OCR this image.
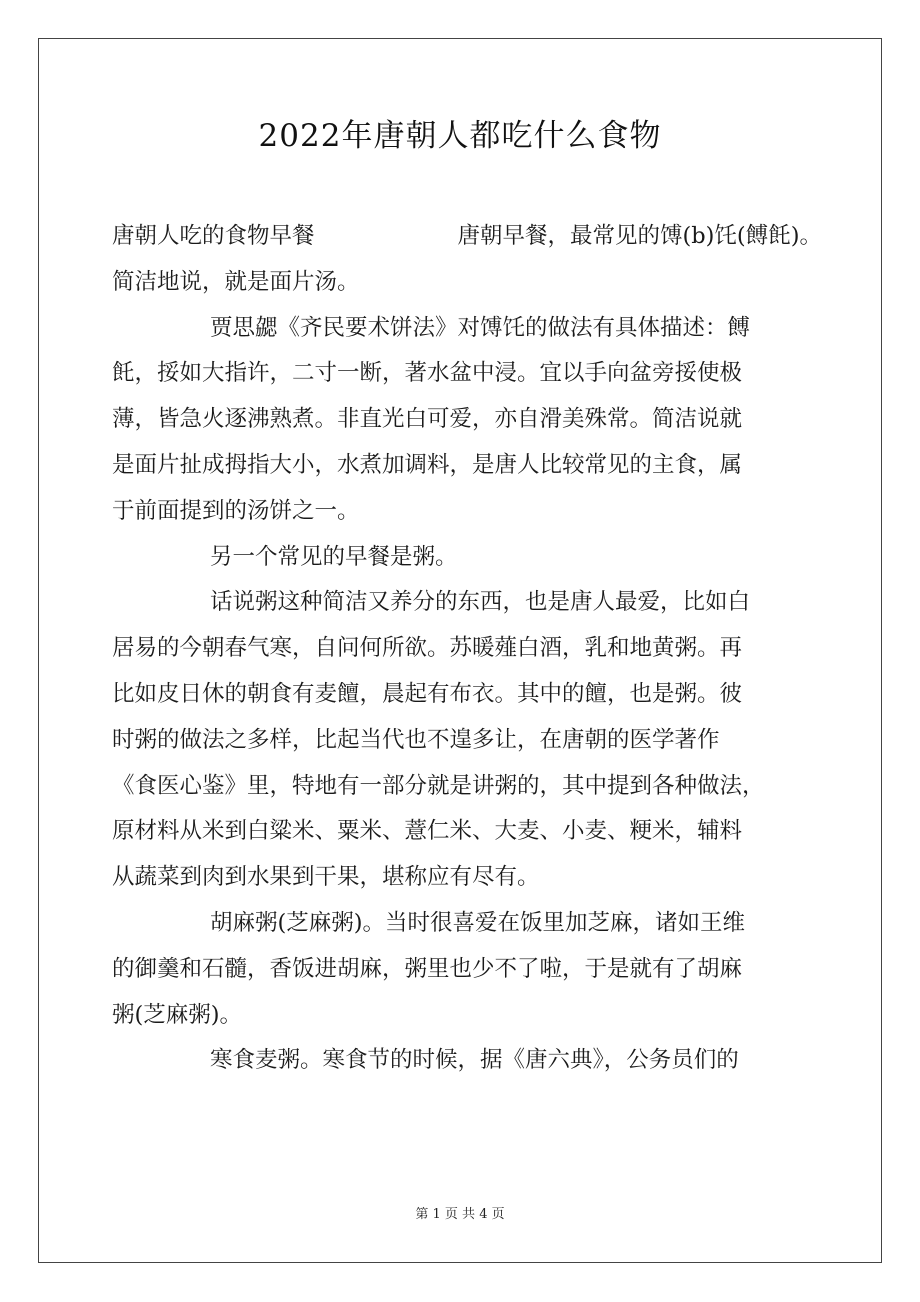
2022年唐朝人都吃什么食物
唐朝人吃的食物早餐	唐朝早餐，最常见的馎(b)饦(餺飥)。
简洁地说，就是面片汤。
贾思勰《齐民要术饼法》对馎饦的做法有具体描述：餺
飥，挼如大指许，二寸一断，著水盆中浸。宜以手向盆旁挼使极
薄，皆急火逐沸熟煮。非直光白可爱，亦自滑美殊常。简洁说就
是面片扯成拇指大小，水煮加调料，是唐人比较常见的主食，属
于前面提到的汤饼之一。
另一个常见的早餐是粥。
话说粥这种简洁又养分的东西，也是唐人最爱，比如白
居易的今朝春气寒，自问何所欲。苏暖薤白酒，乳和地黄粥。再
比如皮日休的朝食有麦饘，晨起有布衣。其中的饘，也是粥。彼
时粥的做法之多样，比起当代也不遑多让，在唐朝的医学著作
《食医心鉴》里，特地有一部分就是讲粥的，其中提到各种做法，
原材料从米到白粱米、粟米、薏仁米、大麦、小麦、粳米，辅料
从蔬菜到肉到水果到干果，堪称应有尽有。
胡麻粥(芝麻粥)。当时很喜爱在饭里加芝麻，诸如王维
的御羹和石髓，香饭进胡麻，粥里也少不了啦，于是就有了胡麻
粥(芝麻粥)。
寒食麦粥。寒食节的时候，据《唐六典》，公务员们的
第 1 页 共 4 页
